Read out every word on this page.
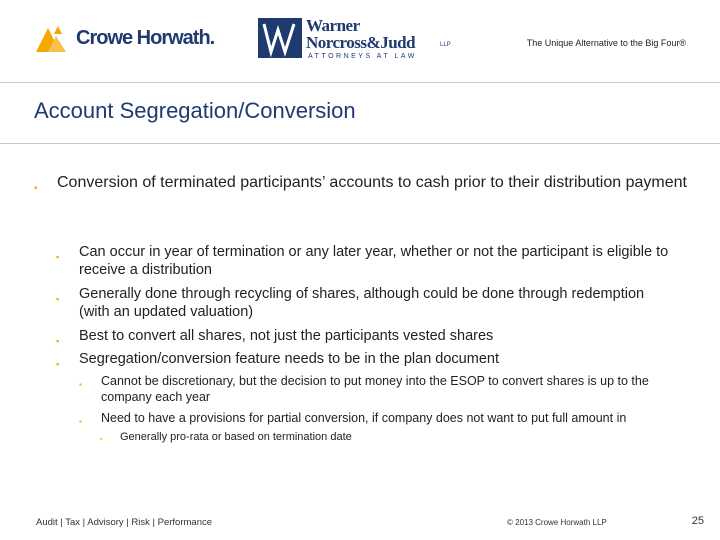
Crowe Horwath.
Warner
Norcross&Judd	LLP
ATTORNEYS AT LAW
The Unique Alternative to the Big Four®
Account Segregation/Conversion
▪ Conversion of terminated participants’ accounts to cash prior to their distribution payment
▪ Can occur in year of termination or any later year, whether or not the participant is eligible to receive a distribution
▪ Generally done through recycling of shares, although could be done through redemption (with an updated valuation)
▪ Best to convert all shares, not just the participants vested shares
▪ Segregation/conversion feature needs to be in the plan document
▪ Cannot be discretionary, but the decision to put money into the ESOP to convert shares is up to the company each year
▪ Need to have a provisions for partial conversion, if company does not want to put full amount in
▪ Generally pro-rata or based on termination date
Audit | Tax | Advisory | Risk | Performance	© 2013 Crowe Horwath LLP	25
